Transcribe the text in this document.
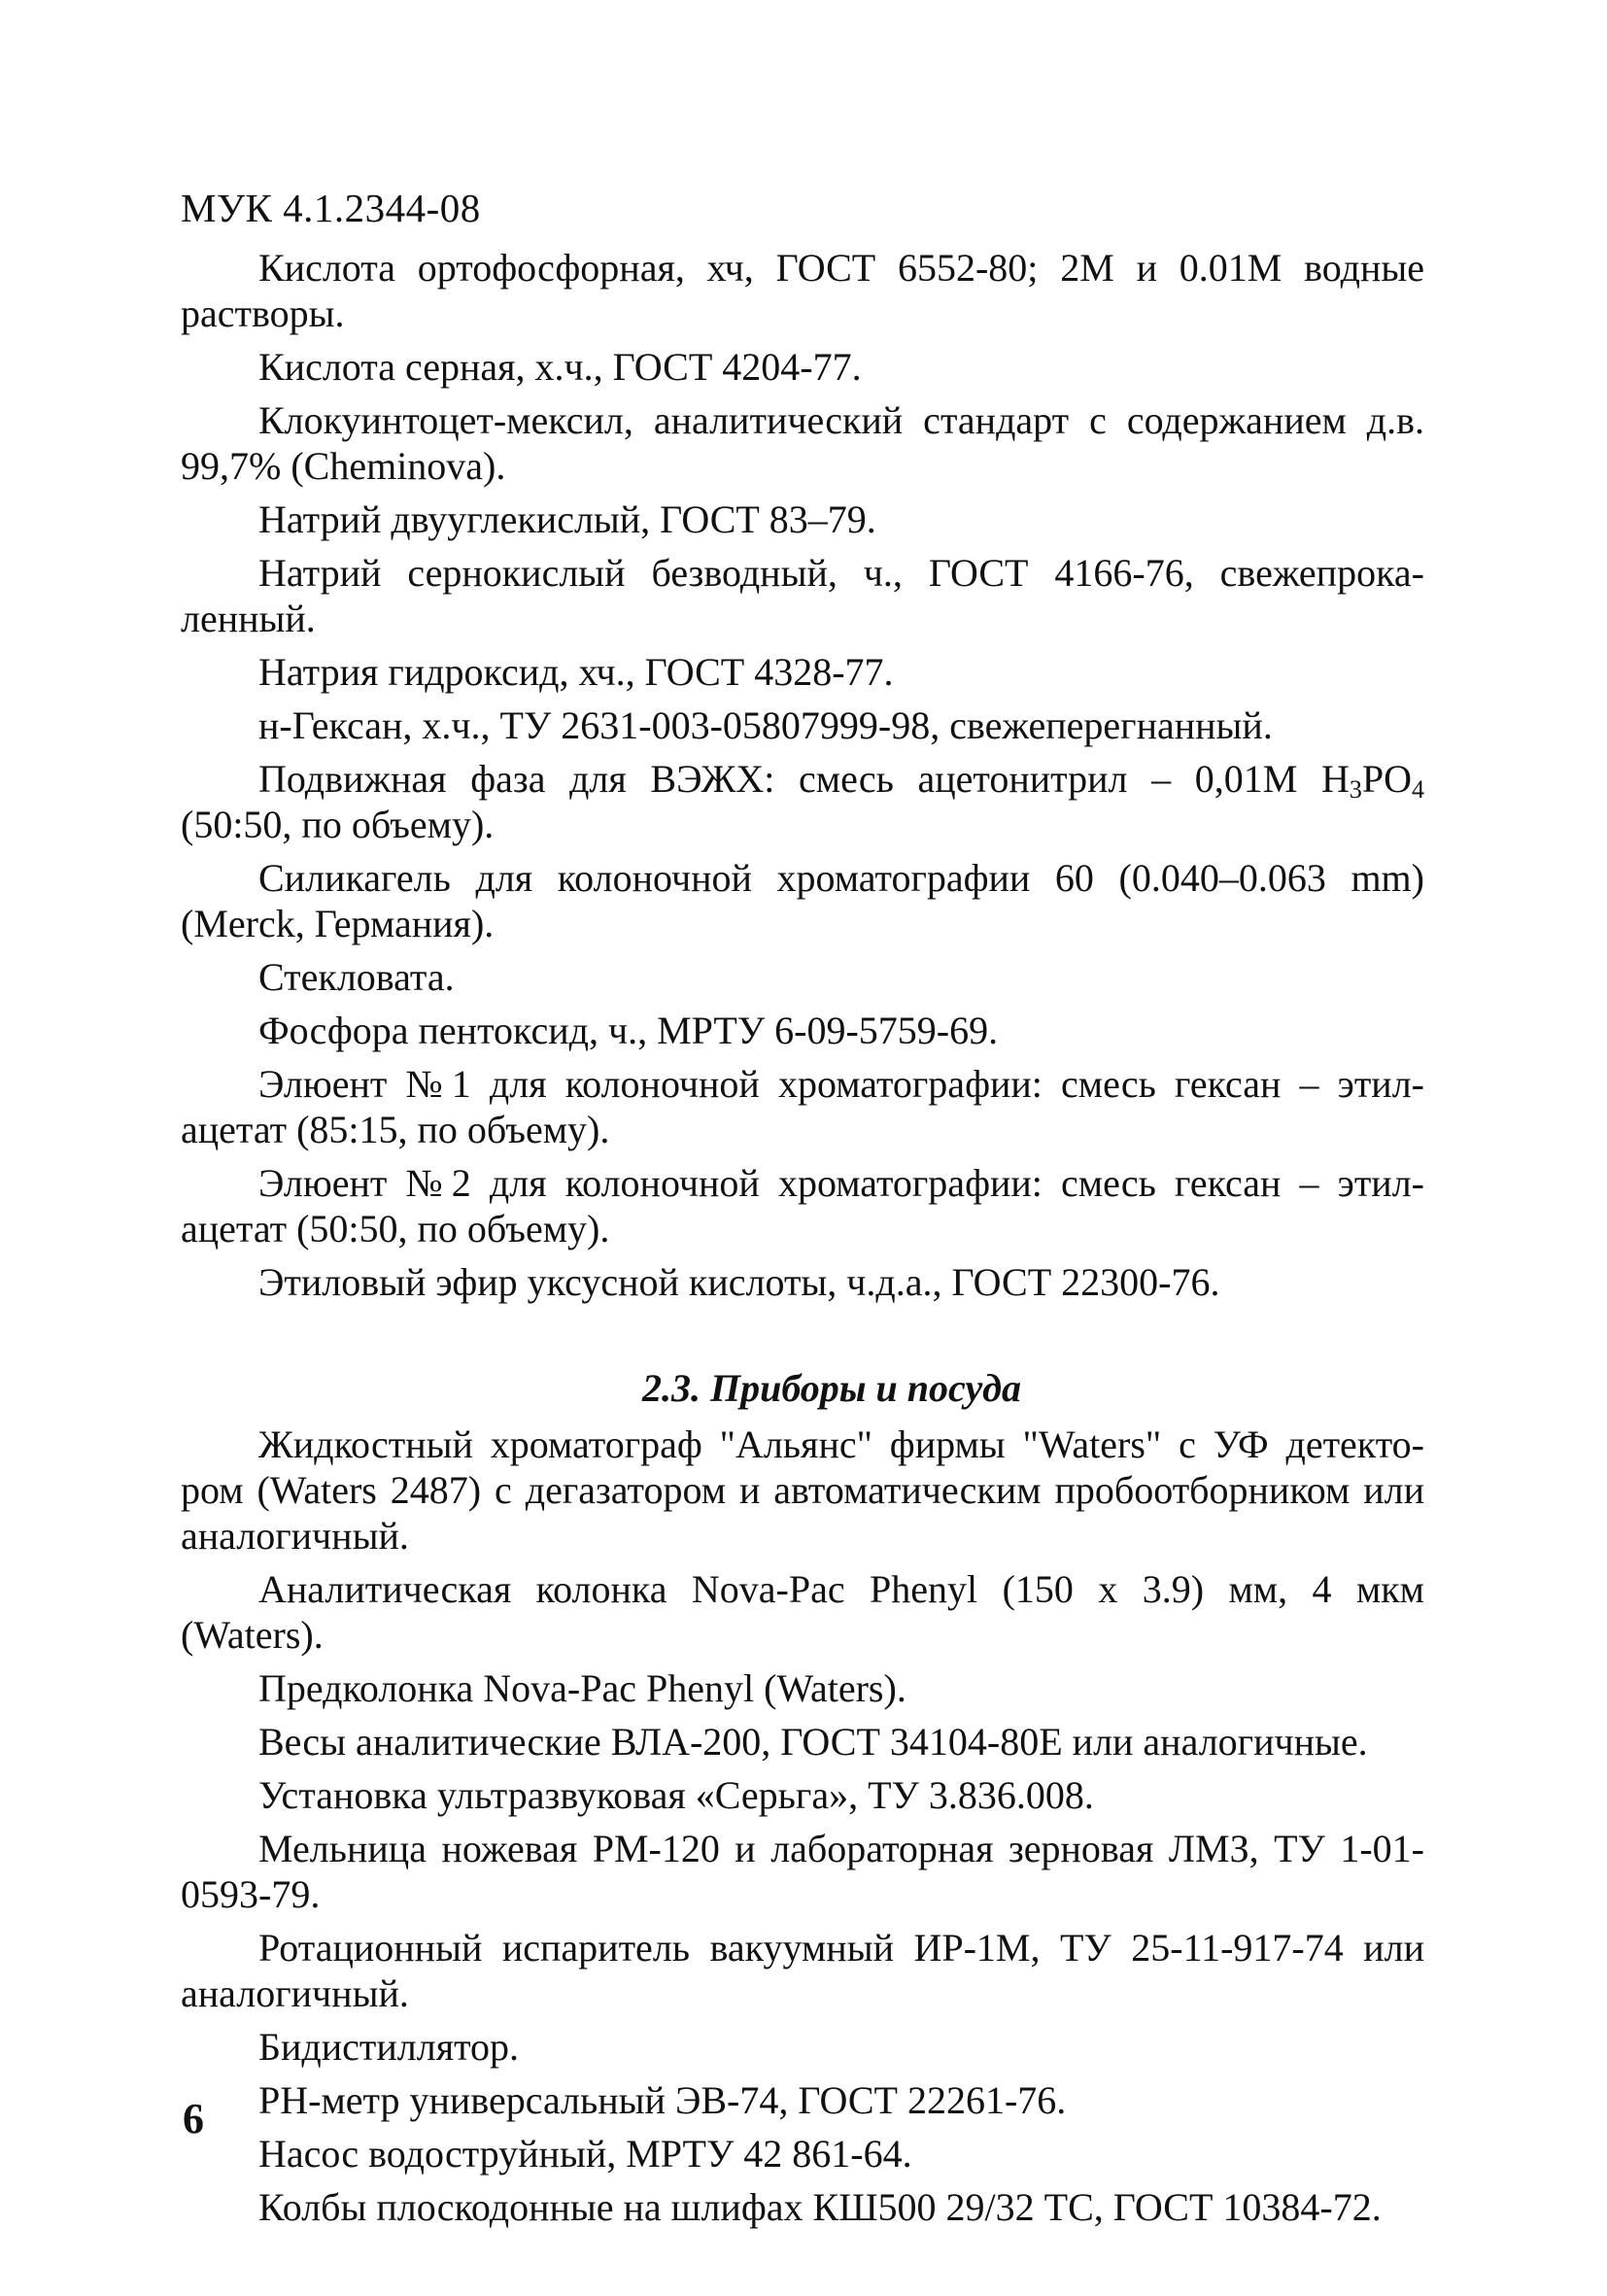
МУК 4.1.2344-08

Кислота ортофосфорная, хч, ГОСТ 6552-80; 2М и 0.01М водные растворы.

Кислота серная, х.ч., ГОСТ 4204-77.

Клокуинтоцет-мексил, аналитический стандарт с содержанием д.в. 99,7% (Cheminova).

Натрий двууглекислый, ГОСТ 83–79.

Натрий сернокислый безводный, ч., ГОСТ 4166-76, свежепрока-ленный.

Натрия гидроксид, хч., ГОСТ 4328-77.

н-Гексан, х.ч., ТУ 2631-003-05807999-98, свежеперегнанный.

Подвижная фаза для ВЭЖХ: смесь ацетонитрил – 0,01М $H_3PO_4$ (50:50, по объему).

Силикагель для колоночной хроматографии 60 (0.040–0.063 mm) (Merck, Германия).

Стекловата.

Фосфора пентоксид, ч., МРТУ 6-09-5759-69.

Элюент №1 для колоночной хроматографии: смесь гексан – этил-ацетат (85:15, по объему).

Элюент №2 для колоночной хроматографии: смесь гексан – этил-ацетат (50:50, по объему).

Этиловый эфир уксусной кислоты, ч.д.а., ГОСТ 22300-76.

2.3. Приборы и посуда

Жидкостный хроматограф "Альянс" фирмы "Waters" с УФ детекто-ром (Waters 2487) с дегазатором и автоматическим пробоотборником или аналогичный.

Аналитическая колонка Nova-Pac Phenyl (150 x 3.9) мм, 4 мкм (Waters).

Предколонка Nova-Pac Phenyl (Waters).

Весы аналитические ВЛА-200, ГОСТ 34104-80Е или аналогичные.

Установка ультразвуковая «Серьга», ТУ 3.836.008.

Мельница ножевая РМ-120 и лабораторная зерновая ЛМЗ, ТУ 1-01-0593-79.

Ротационный испаритель вакуумный ИР-1М, ТУ 25-11-917-74 или аналогичный.

Бидистиллятор.

РН-метр универсальный ЭВ-74, ГОСТ 22261-76.

Насос водоструйный, МРТУ 42 861-64.

Колбы плоскодонные на шлифах КШ500 29/32 ТС, ГОСТ 10384-72.

6
